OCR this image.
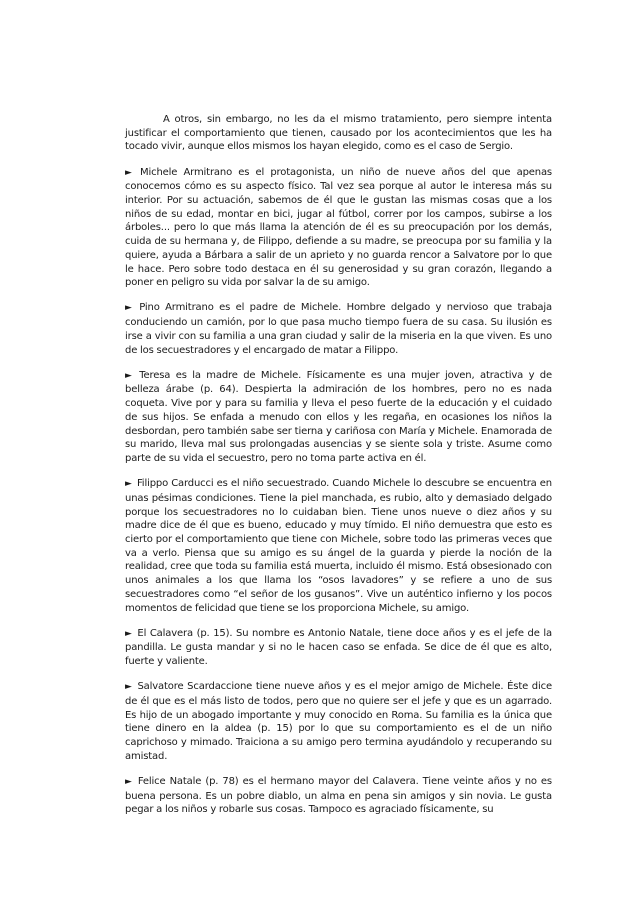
A otros, sin embargo, no les da el mismo tratamiento, pero siempre intenta justificar el comportamiento que tienen, causado por los acontecimientos que les ha tocado vivir, aunque ellos mismos los hayan elegido, como es el caso de Sergio.

► Michele Armitrano es el protagonista, un niño de nueve años del que apenas conocemos cómo es su aspecto físico. Tal vez sea porque al autor le interesa más su interior. Por su actuación, sabemos de él que le gustan las mismas cosas que a los niños de su edad, montar en bici, jugar al fútbol, correr por los campos, subirse a los árboles... pero lo que más llama la atención de él es su preocupación por los demás, cuida de su hermana y, de Filippo, defiende a su madre, se preocupa por su familia y la quiere, ayuda a Bárbara a salir de un aprieto y no guarda rencor a Salvatore por lo que le hace. Pero sobre todo destaca en él su generosidad y su gran corazón, llegando a poner en peligro su vida por salvar la de su amigo.

► Pino Armitrano es el padre de Michele. Hombre delgado y nervioso que trabaja conduciendo un camión, por lo que pasa mucho tiempo fuera de su casa. Su ilusión es irse a vivir con su familia a una gran ciudad y salir de la miseria en la que viven. Es uno de los secuestradores y el encargado de matar a Filippo.

► Teresa es la madre de Michele. Físicamente es una mujer joven, atractiva y de belleza árabe (p. 64). Despierta la admiración de los hombres, pero no es nada coqueta. Vive por y para su familia y lleva el peso fuerte de la educación y el cuidado de sus hijos. Se enfada a menudo con ellos y les regaña, en ocasiones los niños la desbordan, pero también sabe ser tierna y cariñosa con María y Michele. Enamorada de su marido, lleva mal sus prolongadas ausencias y se siente sola y triste. Asume como parte de su vida el secuestro, pero no toma parte activa en él.

► Filippo Carducci es el niño secuestrado. Cuando Michele lo descubre se encuentra en unas pésimas condiciones. Tiene la piel manchada, es rubio, alto y demasiado delgado porque los secuestradores no lo cuidaban bien. Tiene unos nueve o diez años y su madre dice de él que es bueno, educado y muy tímido. El niño demuestra que esto es cierto por el comportamiento que tiene con Michele, sobre todo las primeras veces que va a verlo. Piensa que su amigo es su ángel de la guarda y pierde la noción de la realidad, cree que toda su familia está muerta, incluido él mismo. Está obsesionado con unos animales a los que llama los “osos lavadores” y se refiere a uno de sus secuestradores como “el señor de los gusanos”. Vive un auténtico infierno y los pocos momentos de felicidad que tiene se los proporciona Michele, su amigo.

► El Calavera (p. 15). Su nombre es Antonio Natale, tiene doce años y es el jefe de la pandilla. Le gusta mandar y si no le hacen caso se enfada. Se dice de él que es alto, fuerte y valiente.

► Salvatore Scardaccione tiene nueve años y es el mejor amigo de Michele. Éste dice de él que es el más listo de todos, pero que no quiere ser el jefe y que es un agarrado. Es hijo de un abogado importante y muy conocido en Roma. Su familia es la única que tiene dinero en la aldea (p. 15) por lo que su comportamiento es el de un niño caprichoso y mimado. Traiciona a su amigo pero termina ayudándolo y recuperando su amistad.

► Felice Natale (p. 78) es el hermano mayor del Calavera. Tiene veinte años y no es buena persona. Es un pobre diablo, un alma en pena sin amigos y sin novia. Le gusta pegar a los niños y robarle sus cosas. Tampoco es agraciado físicamente, su
